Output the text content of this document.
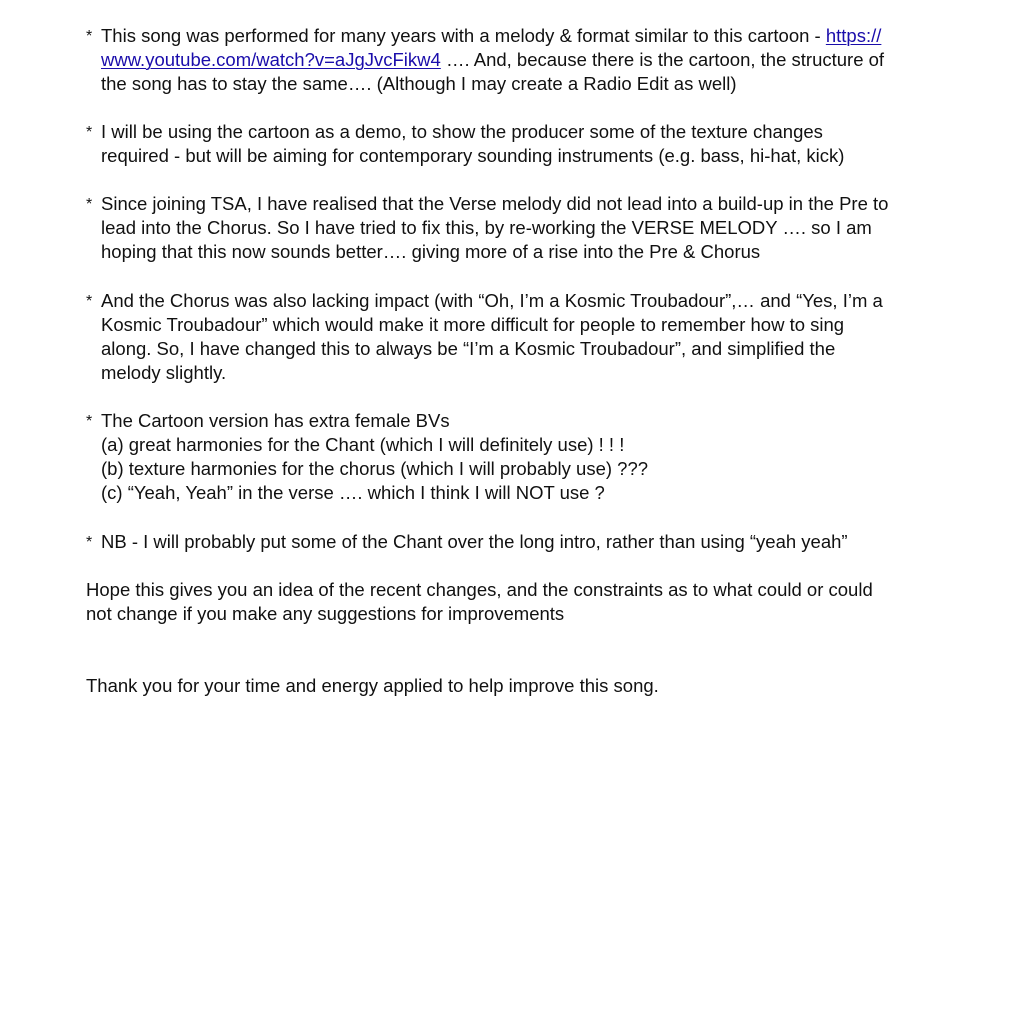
* This song was performed for many years with a melody & format similar to this cartoon - https://
www.youtube.com/watch?v=aJgJvcFikw4 …. And, because there is the cartoon, the structure of
the song has to stay the same…. (Although I may create a Radio Edit as well)
* I will be using the cartoon as a demo, to show the producer some of the texture changes
required - but will be aiming for contemporary sounding instruments (e.g. bass, hi-hat, kick)
* Since joining TSA, I have realised that the Verse melody did not lead into a build-up in the Pre to
lead into the Chorus. So I have tried to fix this, by re-working the VERSE MELODY …. so I am
hoping that this now sounds better…. giving more of a rise into the Pre & Chorus
* And the Chorus was also lacking impact (with “Oh, I’m a Kosmic Troubadour”,… and “Yes, I’m a
Kosmic Troubadour” which would make it more difficult for people to remember how to sing
along. So, I have changed this to always be “I’m a Kosmic Troubadour”, and simplified the
melody slightly.
* The Cartoon version has extra female BVs
(a) great harmonies for the Chant (which I will definitely use) ! ! !
(b) texture harmonies for the chorus (which I will probably use) ???
(c) “Yeah, Yeah” in the verse …. which I think I will NOT use ?
* NB - I will probably put some of the Chant over the long intro, rather than using “yeah yeah”
Hope this gives you an idea of the recent changes, and the constraints as to what could or could
not change if you make any suggestions for improvements
Thank you for your time and energy applied to help improve this song.
